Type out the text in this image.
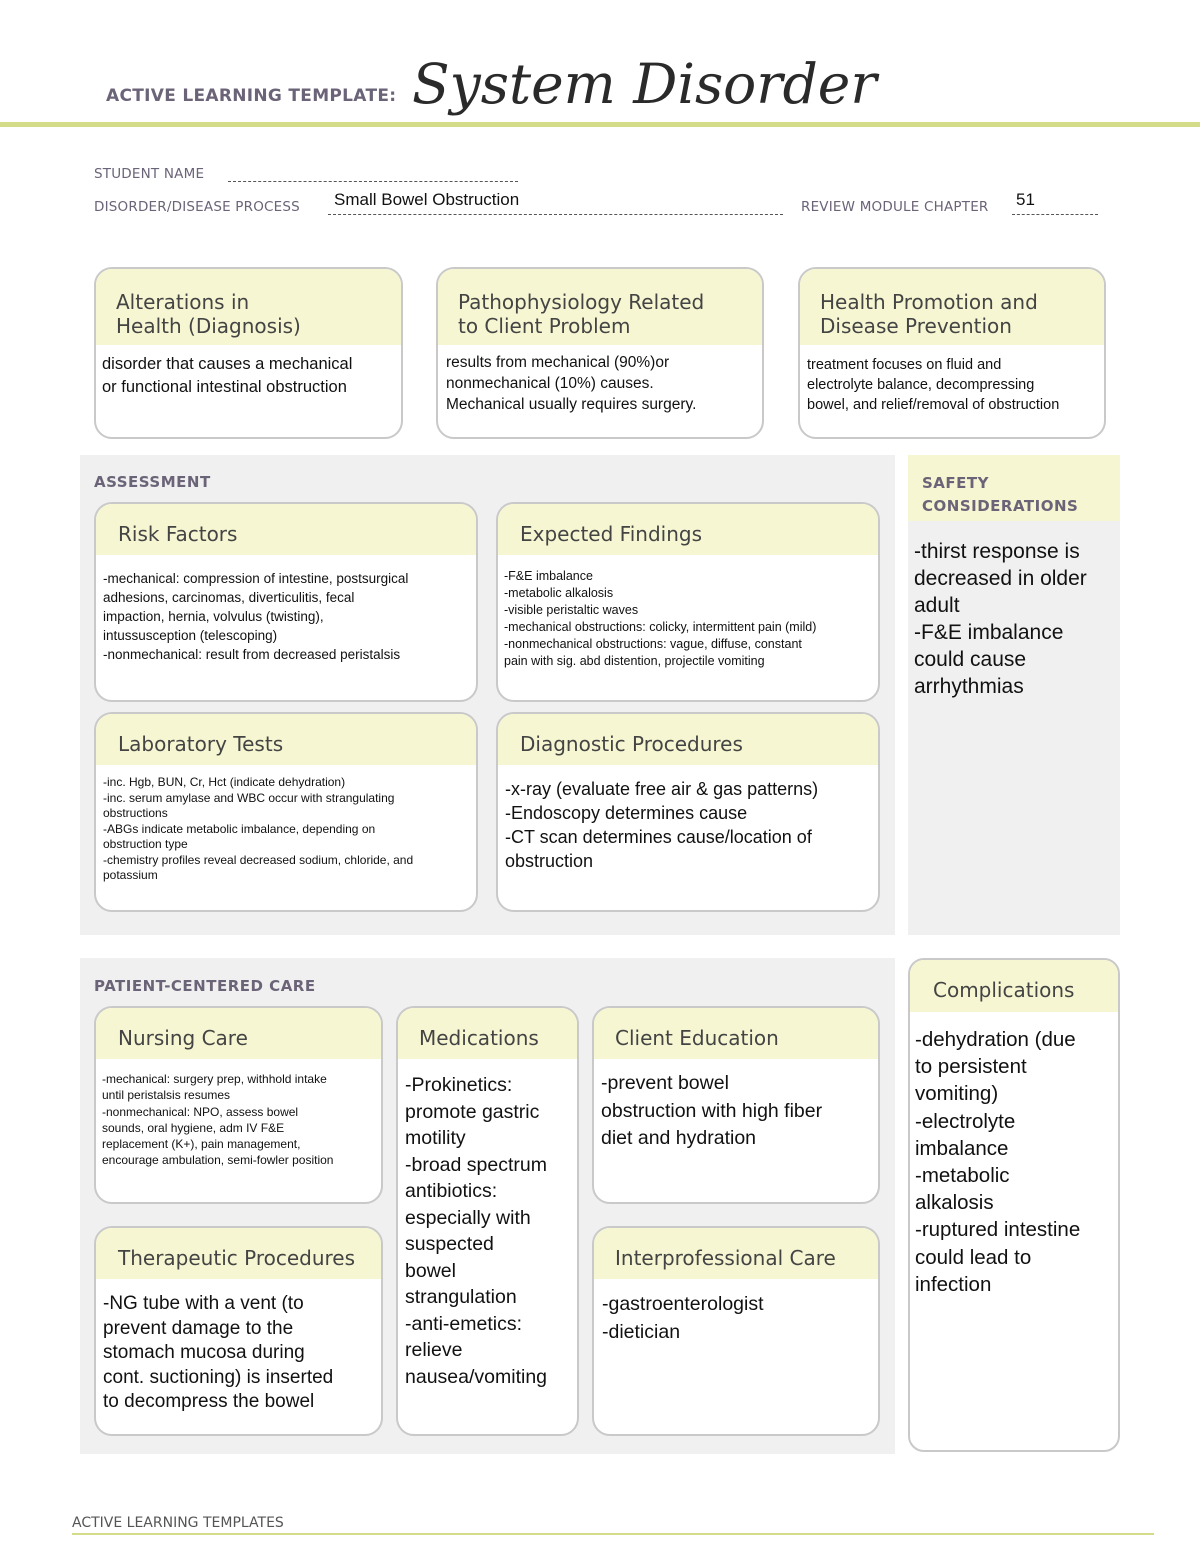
ACTIVE LEARNING TEMPLATE: System Disorder
STUDENT NAME
DISORDER/DISEASE PROCESS Small Bowel Obstruction	REVIEW MODULE CHAPTER 51
Alterations in
Health (Diagnosis)
disorder that causes a mechanical
or functional intestinal obstruction
Pathophysiology Related
to Client Problem
results from mechanical (90%)or
nonmechanical (10%) causes.
Mechanical usually requires surgery.
Health Promotion and
Disease Prevention
treatment focuses on fluid and
electrolyte balance, decompressing
bowel, and relief/removal of obstruction
ASSESSMENT
Risk Factors
-mechanical: compression of intestine, postsurgical
adhesions, carcinomas, diverticulitis, fecal
impaction, hernia, volvulus (twisting),
intussusception (telescoping)
-nonmechanical: result from decreased peristalsis
Expected Findings
-F&E imbalance
-metabolic alkalosis
-visible peristaltic waves
-mechanical obstructions: colicky, intermittent pain (mild)
-nonmechanical obstructions: vague, diffuse, constant
pain with sig. abd distention, projectile vomiting
Laboratory Tests
-inc. Hgb, BUN, Cr, Hct (indicate dehydration)
-inc. serum amylase and WBC occur with strangulating
obstructions
-ABGs indicate metabolic imbalance, depending on
obstruction type
-chemistry profiles reveal decreased sodium, chloride, and
potassium
Diagnostic Procedures
-x-ray (evaluate free air & gas patterns)
-Endoscopy determines cause
-CT scan determines cause/location of
obstruction
SAFETY
CONSIDERATIONS
-thirst response is
decreased in older
adult
-F&E imbalance
could cause
arrhythmias
PATIENT-CENTERED CARE
Nursing Care
-mechanical: surgery prep, withhold intake
until peristalsis resumes
-nonmechanical: NPO, assess bowel
sounds, oral hygiene, adm IV F&E
replacement (K+), pain management,
encourage ambulation, semi-fowler position
Medications
-Prokinetics:
promote gastric
motility
-broad spectrum
antibiotics:
especially with
suspected
bowel
strangulation
-anti-emetics:
relieve
nausea/vomiting
Client Education
-prevent bowel
obstruction with high fiber
diet and hydration
Therapeutic Procedures
-NG tube with a vent (to
prevent damage to the
stomach mucosa during
cont. suctioning) is inserted
to decompress the bowel
Interprofessional Care
-gastroenterologist
-dietician
Complications
-dehydration (due
to persistent
vomiting)
-electrolyte
imbalance
-metabolic
alkalosis
-ruptured intestine
could lead to
infection
ACTIVE LEARNING TEMPLATES
